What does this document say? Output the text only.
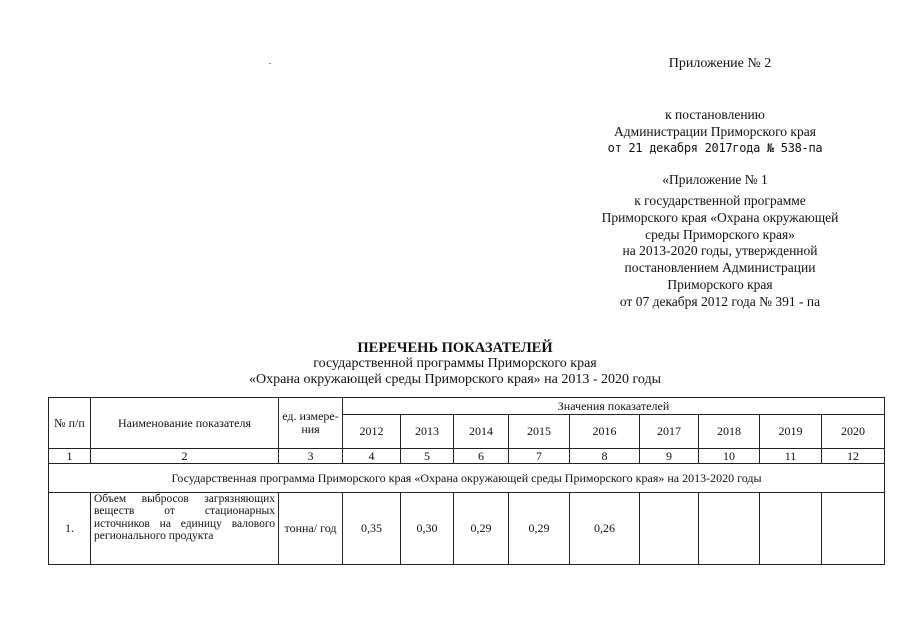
Приложение № 2
к постановлению
Администрации Приморского края
от 21 декабря 2017года № 538-па
«Приложение № 1
к государственной программе
Приморского края «Охрана окружающей
среды Приморского края»
на 2013-2020 годы, утвержденной
постановлением Администрации
Приморского края
от 07 декабря 2012 года № 391 - па
ПЕРЕЧЕНЬ ПОКАЗАТЕЛЕЙ
государственной программы Приморского края
«Охрана окружающей среды Приморского края» на 2013 - 2020 годы
№ п/п	Наименование показателя	ед. измере-ния	Значения показателей								
			2012	2013	2014	2015	2016	2017	2018	2019	2020
1	2	3	4	5	6	7	8	9	10	11	12
Государственная программа Приморского края «Охрана окружающей среды Приморского края» на 2013-2020 годы											
1.	Объем выбросов загрязняющих веществ от стационарных источников на единицу валового регионального продукта	тонна/ год	0,35	0,30	0,29	0,29	0,26				
